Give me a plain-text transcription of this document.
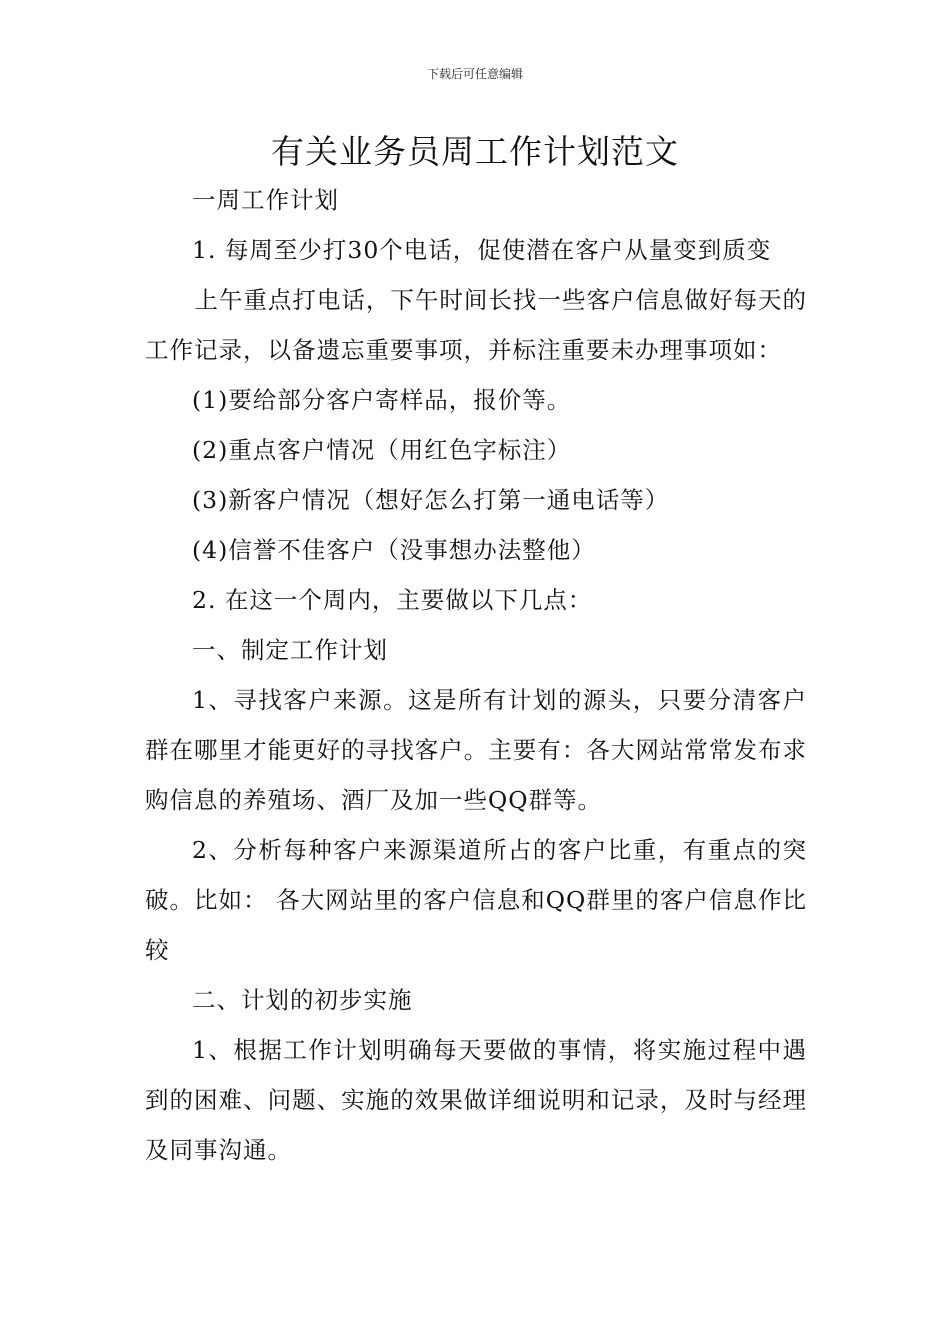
下载后可任意编辑
有关业务员周工作计划范文

一周工作计划

1. 每周至少打30个电话，促使潜在客户从量变到质变

上午重点打电话，下午时间长找一些客户信息做好每天的工作记录，以备遗忘重要事项，并标注重要未办理事项如：

(1)要给部分客户寄样品，报价等。

(2)重点客户情况（用红色字标注）

(3)新客户情况（想好怎么打第一通电话等）

(4)信誉不佳客户（没事想办法整他）

2. 在这一个周内，主要做以下几点：

一、制定工作计划

1、寻找客户来源。这是所有计划的源头，只要分清客户群在哪里才能更好的寻找客户。主要有：各大网站常常发布求购信息的养殖场、酒厂及加一些QQ群等。

2、分析每种客户来源渠道所占的客户比重，有重点的突破。比如： 各大网站里的客户信息和QQ群里的客户信息作比较

二、计划的初步实施

1、根据工作计划明确每天要做的事情，将实施过程中遇到的困难、问题、实施的效果做详细说明和记录，及时与经理及同事沟通。
